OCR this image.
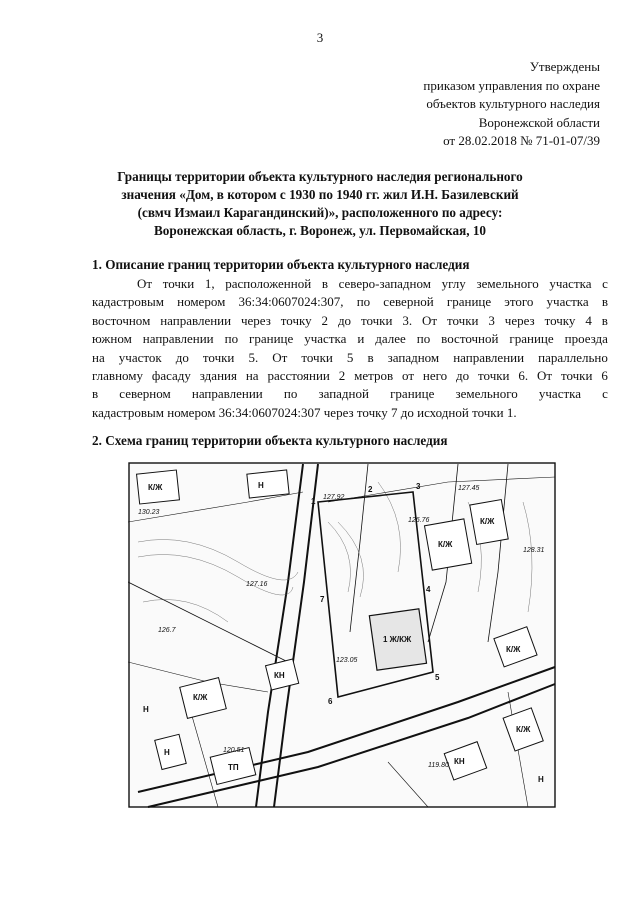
3
Утверждены
приказом управления по охране
объектов культурного наследия
Воронежской области
от 28.02.2018 № 71-01-07/39
Границы территории объекта культурного наследия регионального
значения «Дом, в котором с 1930 по 1940 гг. жил И.Н. Базилевский
(свмч Измаил Карагандинский)», расположенного по адресу:
Воронежская область, г. Воронеж, ул. Первомайская, 10
1. Описание границ территории объекта культурного наследия
От точки 1, расположенной в северо-западном углу земельного участка с
кадастровым номером 36:34:0607024:307, по северной границе этого участка в
восточном направлении через точку 2 до точки 3. От точки 3 через точку 4 в
южном направлении по границе участка и далее по восточной границе проезда
на участок до точки 5. От точки 5 в западном направлении параллельно
главному фасаду здания на расстоянии 2 метров от него до точки 6. От точки 6
в северном направлении по западной границе земельного участка с
кадастровым номером 36:34:0607024:307 через точку 7 до исходной точки 1.
2. Схема границ территории объекта культурного наследия
130.23
127.92
127.16
126.76
123.05
126.7
120.51
128.31
119.80
127.45
К/Ж
К/Ж
К/Ж
К/Ж
К/Ж
К/Ж
КН
КН
Н
Н
Н
Н
ТП
1 Ж/КЖ
1
2	3
4
5
6
7
